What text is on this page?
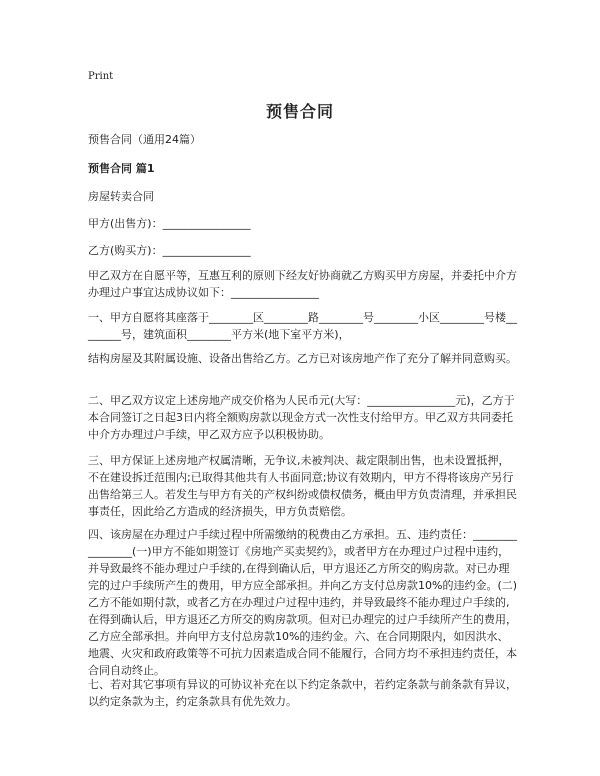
Print
预售合同

预售合同（通用24篇）

预售合同 篇1

房屋转卖合同

甲方(出售方)：________________

乙方(购买方)：________________

甲乙双方在自愿平等，互惠互利的原则下经友好协商就乙方购买甲方房屋，并委托中介方办理过户事宜达成协议如下：________________

一、甲方自愿将其座落于________区________路________号________小区________号楼________号，建筑面积________平方米(地下室平方米)，

结构房屋及其附属设施、设备出售给乙方。乙方已对该房地产作了充分了解并同意购买。

二、甲乙双方议定上述房地产成交价格为人民币元(大写：________________元)，乙方于本合同签订之日起3日内将全额购房款以现金方式一次性支付给甲方。甲乙双方共同委托中介方办理过户手续，甲乙双方应予以积极协助。

三、甲方保证上述房地产权属清晰，无争议,未被判决、裁定限制出售，也未设置抵押，不在建设拆迁范围内;已取得其他共有人书面同意;协议有效期内，甲方不得将该房产另行出售给第三人。若发生与甲方有关的产权纠纷或债权债务，概由甲方负责清理，并承担民事责任，因此给乙方造成的经济损失，甲方负责赔偿。

四、该房屋在办理过户手续过程中所需缴纳的税费由乙方承担。五、违约责任：________________(一)甲方不能如期签订《房地产买卖契约》，或者甲方在办理过户过程中违约，并导致最终不能办理过户手续的,在得到确认后，甲方退还乙方所交的购房款。对已办理完的过户手续所产生的费用，甲方应全部承担。并向乙方支付总房款10%的违约金。(二)乙方不能如期付款，或者乙方在办理过户过程中违约，并导致最终不能办理过户手续的,在得到确认后，甲方退还乙方所交的购房款项。但对已办理完的过户手续所产生的费用，乙方应全部承担。并向甲方支付总房款10%的违约金。六、在合同期限内，如因洪水、地震、火灾和政府政策等不可抗力因素造成合同不能履行，合同方均不承担违约责任，本合同自动终止。

七、若对其它事项有异议的可协议补充在以下约定条款中，若约定条款与前条款有异议，以约定条款为主，约定条款具有优先效力。
